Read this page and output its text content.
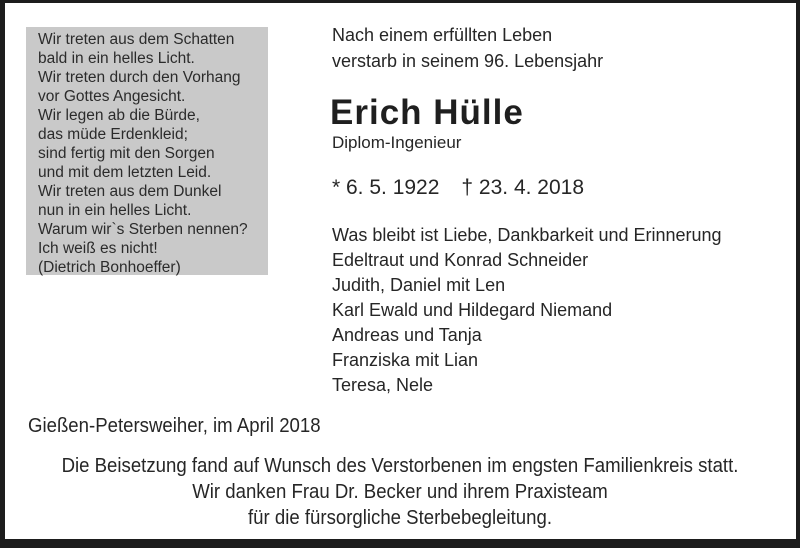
Wir treten aus dem Schatten
bald in ein helles Licht.
Wir treten durch den Vorhang
vor Gottes Angesicht.
Wir legen ab die Bürde,
das müde Erdenkleid;
sind fertig mit den Sorgen
und mit dem letzten Leid.
Wir treten aus dem Dunkel
nun in ein helles Licht.
Warum wir`s Sterben nennen?
Ich weiß es nicht!
(Dietrich Bonhoeffer)
Nach einem erfüllten Leben
verstarb in seinem 96. Lebensjahr
Erich Hülle
Diplom-Ingenieur
* 6. 5. 1922 † 23. 4. 2018
Was bleibt ist Liebe, Dankbarkeit und Erinnerung
Edeltraut und Konrad Schneider
Judith, Daniel mit Len
Karl Ewald und Hildegard Niemand
Andreas und Tanja
Franziska mit Lian
Teresa, Nele
Gießen-Petersweiher, im April 2018
Die Beisetzung fand auf Wunsch des Verstorbenen im engsten Familienkreis statt.
Wir danken Frau Dr. Becker und ihrem Praxisteam
für die fürsorgliche Sterbebegleitung.
